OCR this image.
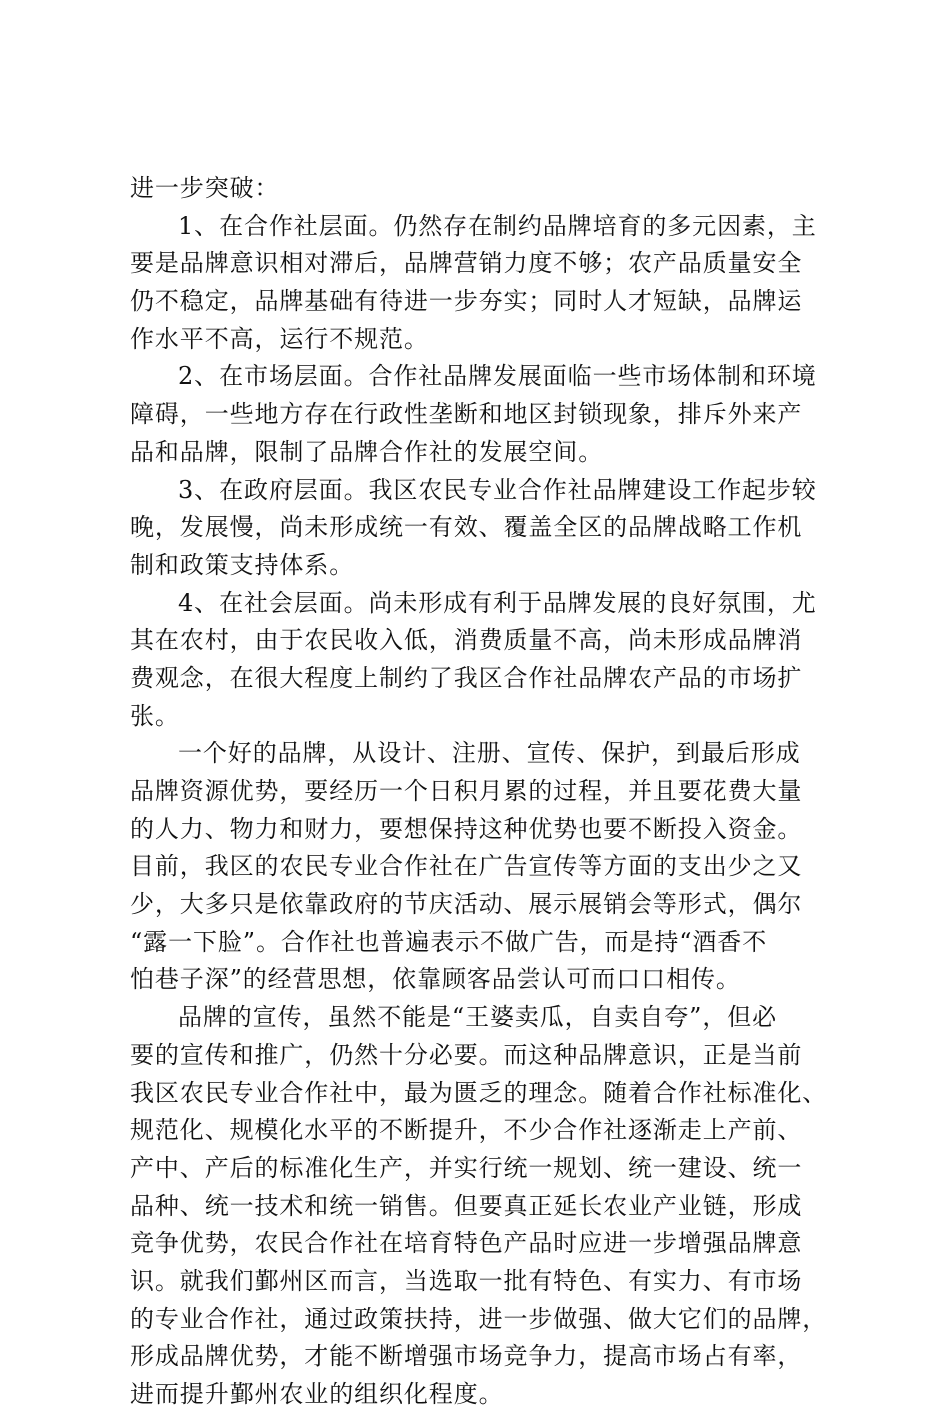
进一步突破：
1、在合作社层面。仍然存在制约品牌培育的多元因素，主
要是品牌意识相对滞后，品牌营销力度不够；农产品质量安全
仍不稳定，品牌基础有待进一步夯实；同时人才短缺，品牌运
作水平不高，运行不规范。
2、在市场层面。合作社品牌发展面临一些市场体制和环境
障碍，一些地方存在行政性垄断和地区封锁现象，排斥外来产
品和品牌，限制了品牌合作社的发展空间。
3、在政府层面。我区农民专业合作社品牌建设工作起步较
晚，发展慢，尚未形成统一有效、覆盖全区的品牌战略工作机
制和政策支持体系。
4、在社会层面。尚未形成有利于品牌发展的良好氛围，尤
其在农村，由于农民收入低，消费质量不高，尚未形成品牌消
费观念，在很大程度上制约了我区合作社品牌农产品的市场扩
张。
一个好的品牌，从设计、注册、宣传、保护，到最后形成
品牌资源优势，要经历一个日积月累的过程，并且要花费大量
的人力、物力和财力，要想保持这种优势也要不断投入资金。
目前，我区的农民专业合作社在广告宣传等方面的支出少之又
少，大多只是依靠政府的节庆活动、展示展销会等形式，偶尔
“露一下脸”。合作社也普遍表示不做广告，而是持“酒香不
怕巷子深”的经营思想，依靠顾客品尝认可而口口相传。
品牌的宣传，虽然不能是“王婆卖瓜，自卖自夸”，但必
要的宣传和推广，仍然十分必要。而这种品牌意识，正是当前
我区农民专业合作社中，最为匮乏的理念。随着合作社标准化、
规范化、规模化水平的不断提升，不少合作社逐渐走上产前、
产中、产后的标准化生产，并实行统一规划、统一建设、统一
品种、统一技术和统一销售。但要真正延长农业产业链，形成
竞争优势，农民合作社在培育特色产品时应进一步增强品牌意
识。就我们鄞州区而言，当选取一批有特色、有实力、有市场
的专业合作社，通过政策扶持，进一步做强、做大它们的品牌，
形成品牌优势，才能不断增强市场竞争力，提高市场占有率，
进而提升鄞州农业的组织化程度。
